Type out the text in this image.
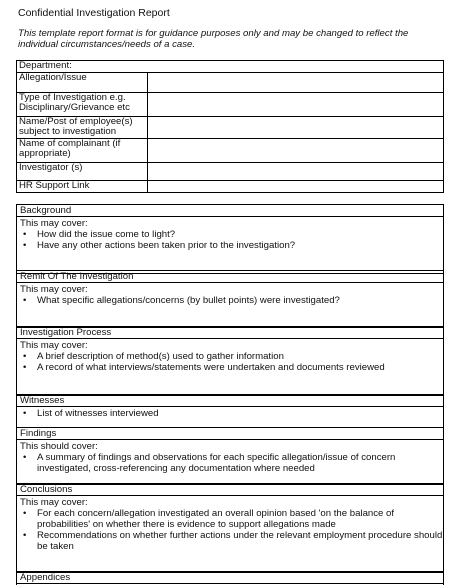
Confidential Investigation Report
This template report format is for guidance purposes only and may be changed to reflect the individual circumstances/needs of a case.
Department:	
Allegation/Issue	
Type of Investigation e.g. Disciplinary/Grievance etc	
Name/Post of employee(s) subject to investigation	
Name of complainant (if appropriate)	
Investigator (s)	
HR Support Link	
Background
This may cover:
• How did the issue come to light?
• Have any other actions been taken prior to the investigation?
Remit Of The Investigation
This may cover:
• What specific allegations/concerns (by bullet points) were investigated?
Investigation Process
This may cover:
• A brief description of method(s) used to gather information
• A record of what interviews/statements were undertaken and documents reviewed
Witnesses
• List of witnesses interviewed
Findings
This should cover:
• A summary of findings and observations for each specific allegation/issue of concern investigated, cross-referencing any documentation where needed
Conclusions
This may cover:
• For each concern/allegation investigated an overall opinion based 'on the balance of probabilities' on whether there is evidence to support allegations made
• Recommendations on whether further actions under the relevant employment procedure should be taken
Appendices
